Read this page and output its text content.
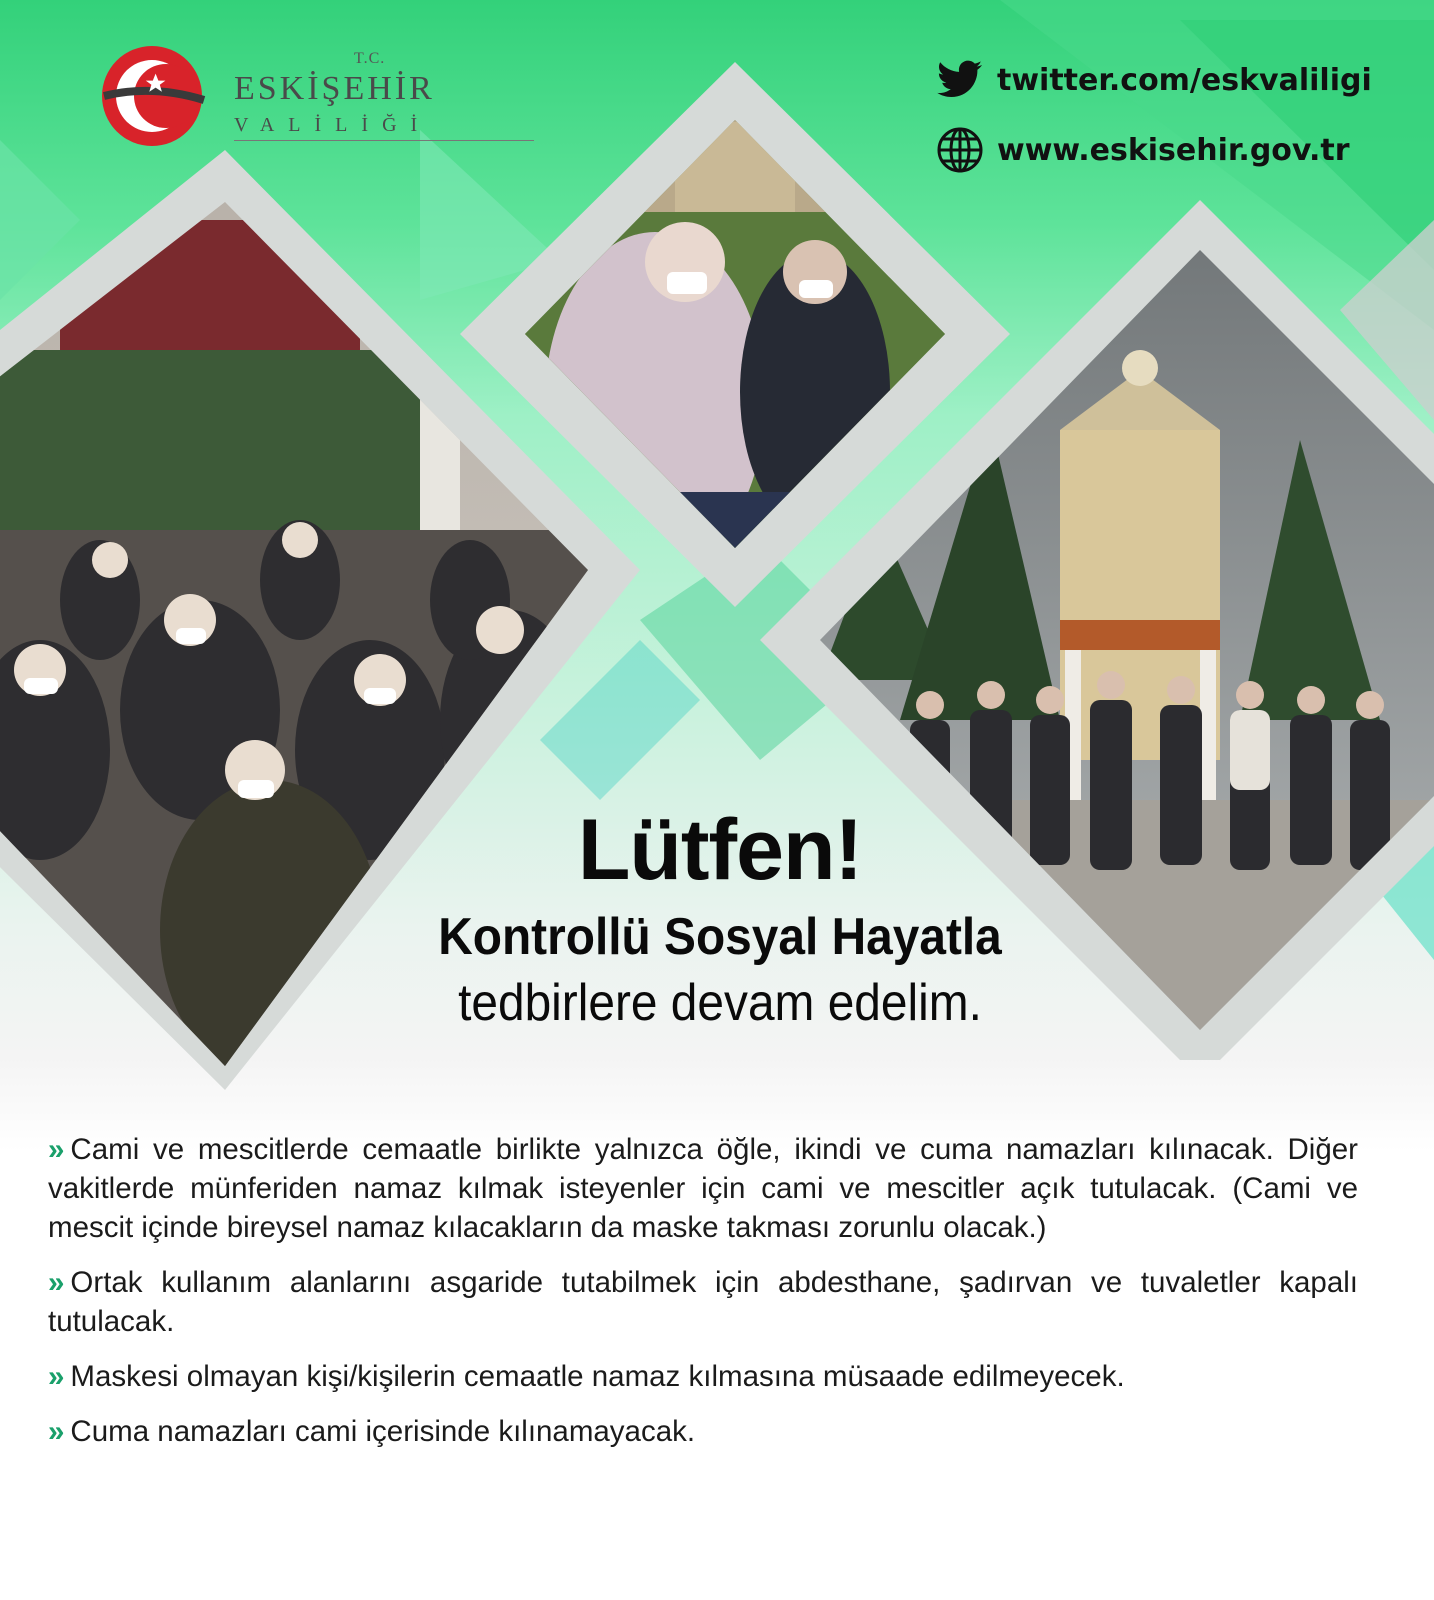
T.C.
ESKİŞEHİR
VALİLİĞİ
twitter.com/eskvaliligi
www.eskisehir.gov.tr
Lütfen!
Kontrollü Sosyal Hayatla
tedbirlere devam edelim.
» Cami ve mescitlerde cemaatle birlikte yalnızca öğle, ikindi ve cuma namazları kılınacak. Diğer vakitlerde münferiden namaz kılmak isteyenler için cami ve mescitler açık tutulacak. (Cami ve mescit içinde bireysel namaz kılacakların da maske takması zorunlu olacak.)
» Ortak kullanım alanlarını asgaride tutabilmek için abdesthane, şadırvan ve tuvaletler kapalı tutulacak.
» Maskesi olmayan kişi/kişilerin cemaatle namaz kılmasına müsaade edilmeyecek.
» Cuma namazları cami içerisinde kılınamayacak.
